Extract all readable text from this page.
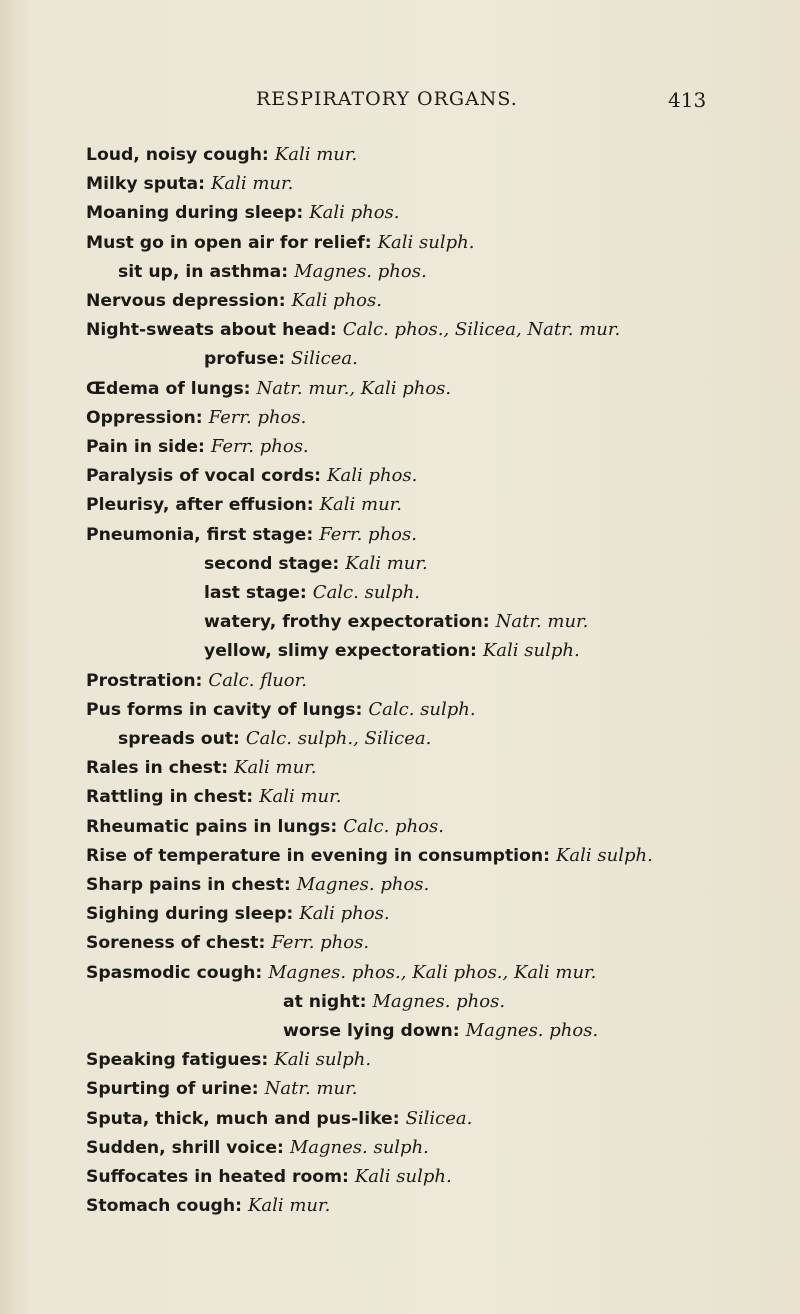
RESPIRATORY ORGANS.	413
Loud, noisy cough: Kali mur.
Milky sputa: Kali mur.
Moaning during sleep: Kali phos.
Must go in open air for relief: Kali sulph.
sit up, in asthma: Magnes. phos.
Nervous depression: Kali phos.
Night-sweats about head: Calc. phos., Silicea, Natr. mur.
profuse: Silicea.
Œdema of lungs: Natr. mur., Kali phos.
Oppression: Ferr. phos.
Pain in side: Ferr. phos.
Paralysis of vocal cords: Kali phos.
Pleurisy, after effusion: Kali mur.
Pneumonia, first stage: Ferr. phos.
second stage: Kali mur.
last stage: Calc. sulph.
watery, frothy expectoration: Natr. mur.
yellow, slimy expectoration: Kali sulph.
Prostration: Calc. fluor.
Pus forms in cavity of lungs: Calc. sulph.
spreads out: Calc. sulph., Silicea.
Rales in chest: Kali mur.
Rattling in chest: Kali mur.
Rheumatic pains in lungs: Calc. phos.
Rise of temperature in evening in consumption: Kali sulph.
Sharp pains in chest: Magnes. phos.
Sighing during sleep: Kali phos.
Soreness of chest: Ferr. phos.
Spasmodic cough: Magnes. phos., Kali phos., Kali mur.
at night: Magnes. phos.
worse lying down: Magnes. phos.
Speaking fatigues: Kali sulph.
Spurting of urine: Natr. mur.
Sputa, thick, much and pus-like: Silicea.
Sudden, shrill voice: Magnes. sulph.
Suffocates in heated room: Kali sulph.
Stomach cough: Kali mur.
